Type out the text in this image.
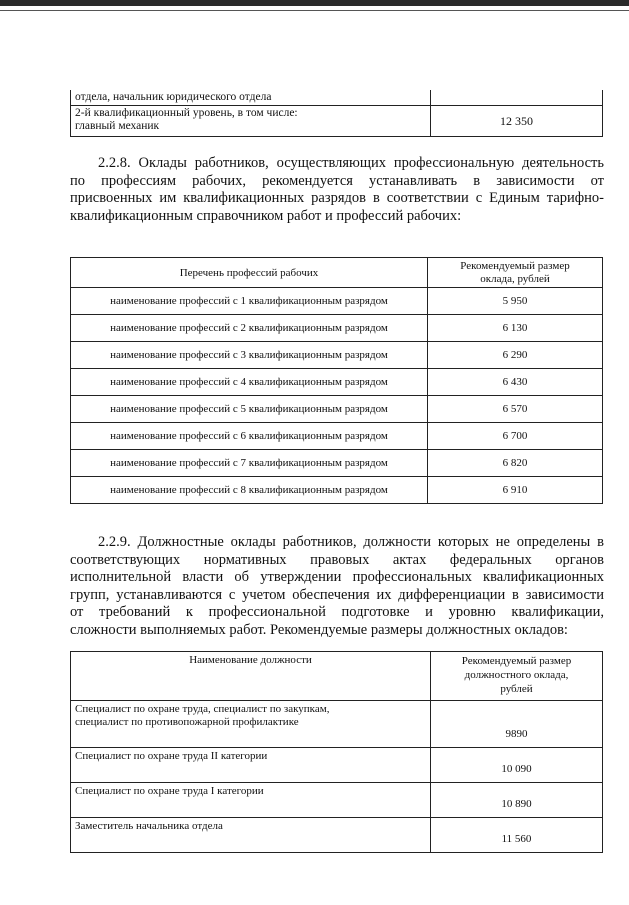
отдела, начальник юридического отдела	
2-й квалификационный уровень, в том числе:
главный механик	12 350

2.2.8. Оклады работников, осуществляющих профессиональную деятельность
по профессиям рабочих, рекомендуется устанавливать в зависимости от
присвоенных им квалификационных разрядов в соответствии с Единым тарифно-
квалификационным справочником работ и профессий рабочих:

Перечень профессий рабочих	Рекомендуемый размер
оклада, рублей
наименование профессий с 1 квалификационным разрядом	5 950
наименование профессий с 2 квалификационным разрядом	6 130
наименование профессий с 3 квалификационным разрядом	6 290
наименование профессий с 4 квалификационным разрядом	6 430
наименование профессий с 5 квалификационным разрядом	6 570
наименование профессий с 6 квалификационным разрядом	6 700
наименование профессий с 7 квалификационным разрядом	6 820
наименование профессий с 8 квалификационным разрядом	6 910

2.2.9. Должностные оклады работников, должности которых не определены в
соответствующих нормативных правовых актах федеральных органов
исполнительной власти об утверждении профессиональных квалификационных
групп, устанавливаются с учетом обеспечения их дифференциации в зависимости
от требований к профессиональной подготовке и уровню квалификации,
сложности выполняемых работ. Рекомендуемые размеры должностных окладов:

Наименование должности	Рекомендуемый размер
должностного оклада,
рублей
Специалист по охране труда, специалист по закупкам,
специалист по противопожарной профилактике	9890
Специалист по охране труда II категории	10 090
Специалист по охране труда I категории	10 890
Заместитель начальника отдела	11 560
